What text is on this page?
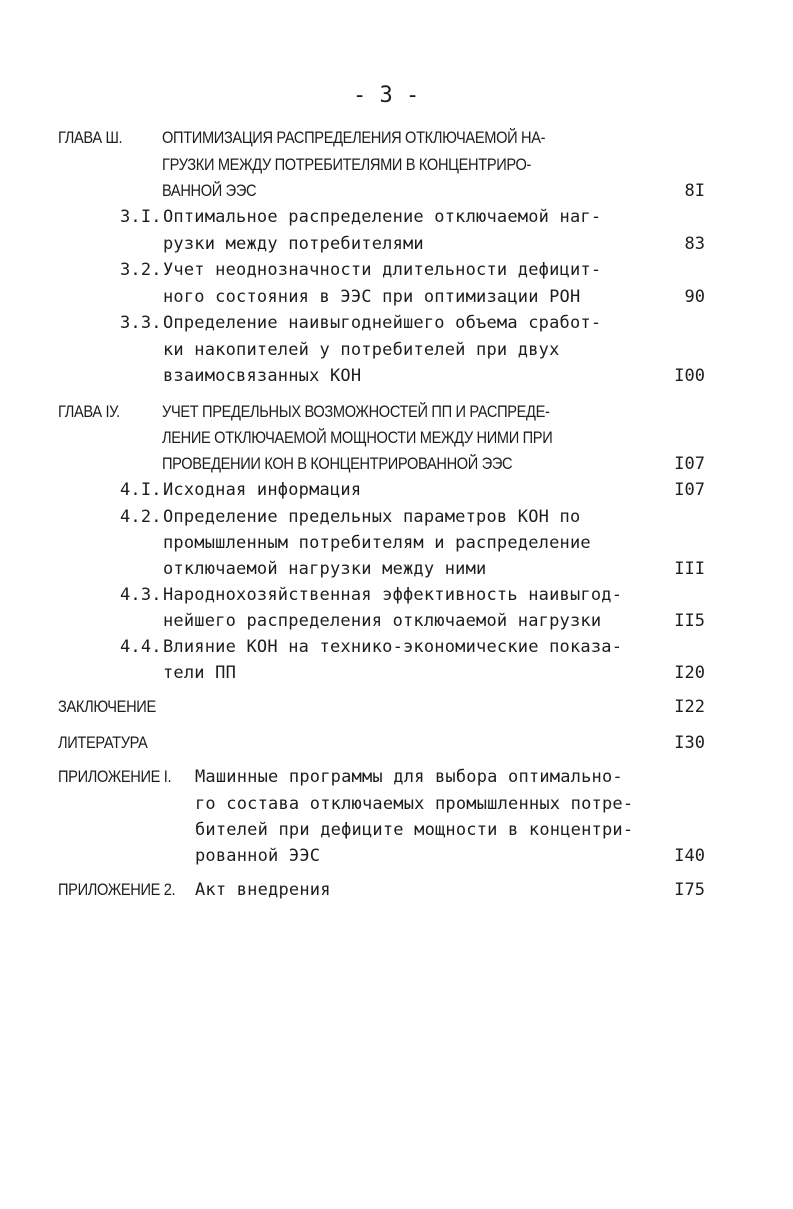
- 3 -
ГЛАВА Ш. ОПТИМИЗАЦИЯ РАСПРЕДЕЛЕНИЯ ОТКЛЮЧАЕМОЙ НА-
ГРУЗКИ МЕЖДУ ПОТРЕБИТЕЛЯМИ В КОНЦЕНТРИРО-
ВАННОЙ ЭЭС	8I
3.I. Оптимальное распределение отключаемой наг-
рузки между потребителями	83
3.2. Учет неоднозначности длительности дефицит-
ного состояния в ЭЭС при оптимизации РОН	90
3.3. Определение наивыгоднейшего объема сработ-
ки накопителей у потребителей при двух
взаимосвязанных КОН	I00
ГЛАВА IУ. УЧЕТ ПРЕДЕЛЬНЫХ ВОЗМОЖНОСТЕЙ ПП И РАСПРЕДЕ-
ЛЕНИЕ ОТКЛЮЧАЕМОЙ МОЩНОСТИ МЕЖДУ НИМИ ПРИ
ПРОВЕДЕНИИ КОН В КОНЦЕНТРИРОВАННОЙ ЭЭС	I07
4.I. Исходная информация	I07
4.2. Определение предельных параметров КОН по
промышленным потребителям и распределение
отключаемой нагрузки между ними	III
4.3. Народнохозяйственная эффективность наивыгод-
нейшего распределения отключаемой нагрузки	II5
4.4. Влияние КОН на технико-экономические показа-
тели ПП	I20
ЗАКЛЮЧЕНИЕ	I22
ЛИТЕРАТУРА	I30
ПРИЛОЖЕНИЕ I. Машинные программы для выбора оптимально-
го состава отключаемых промышленных потре-
бителей при дефиците мощности в концентри-
рованной ЭЭС	I40
ПРИЛОЖЕНИЕ 2. Акт внедрения	I75
